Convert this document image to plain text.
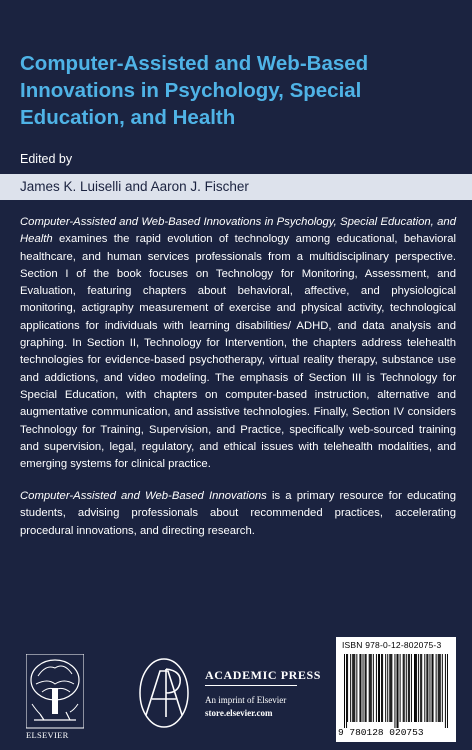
Computer-Assisted and Web-Based
Innovations in Psychology, Special
Education, and Health
Edited by
James K. Luiselli and Aaron J. Fischer

Computer-Assisted and Web-Based Innovations in Psychology, Special Education, and Health examines the rapid evolution of technology among educational, behavioral healthcare, and human services professionals from a multidisciplinary perspective. Section I of the book focuses on Technology for Monitoring, Assessment, and Evaluation, featuring chapters about behavioral, affective, and physiological monitoring, actigraphy measurement of exercise and physical activity, technological applications for individuals with learning disabilities/ ADHD, and data analysis and graphing. In Section II, Technology for Intervention, the chapters address telehealth technologies for evidence-based psychotherapy, virtual reality therapy, substance use and addictions, and video modeling. The emphasis of Section III is Technology for Special Education, with chapters on computer-based instruction, alternative and augmentative communication, and assistive technologies. Finally, Section IV considers Technology for Training, Supervision, and Practice, specifically web-sourced training and supervision, legal, regulatory, and ethical issues with telehealth modalities, and emerging systems for clinical practice.

Computer-Assisted and Web-Based Innovations is a primary resource for educating students, advising professionals about recommended practices, accelerating procedural innovations, and directing research.

ELSEVIER
ACADEMIC PRESS
An imprint of Elsevier
store.elsevier.com
ISBN 978-0-12-802075-3
9 780128 020753
